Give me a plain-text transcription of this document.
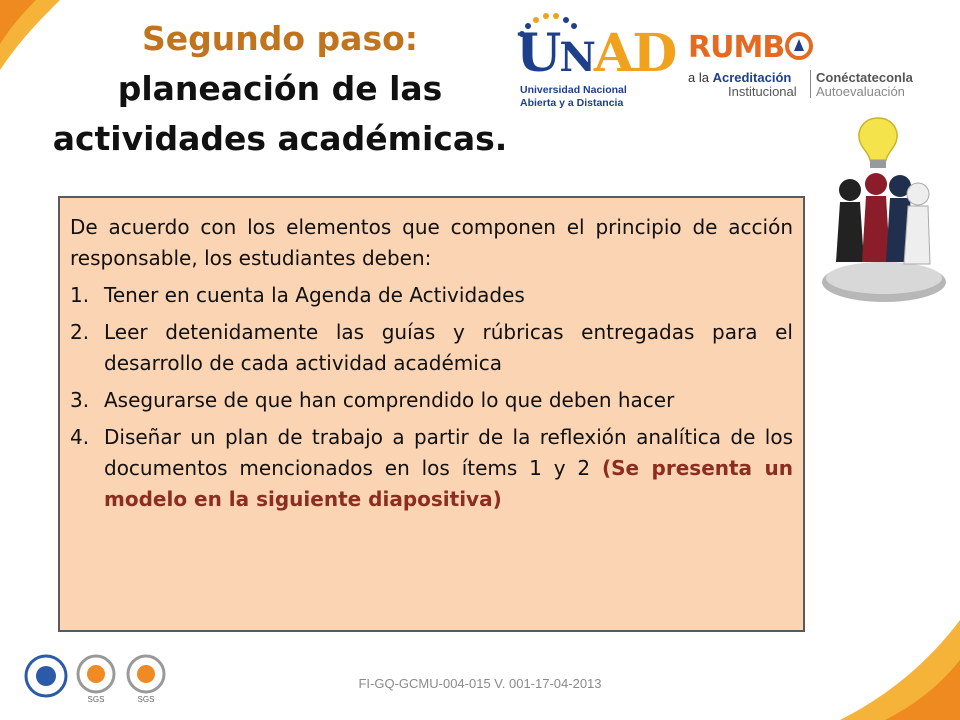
Segundo paso:
planeación de las
actividades académicas.
UNAD
Universidad Nacional
Abierta y a Distancia
RUMB
a la Acreditación
Institucional
Conéctateconla
Autoevaluación

De acuerdo con los elementos que componen el principio de acción responsable, los estudiantes deben:

1. Tener en cuenta la Agenda de Actividades
2. Leer detenidamente las guías y rúbricas entregadas para el desarrollo de cada actividad académica
3. Asegurarse de que han comprendido lo que deben hacer
4. Diseñar un plan de trabajo a partir de la reflexión analítica de los documentos mencionados en los ítems 1 y 2 (Se presenta un modelo en la siguiente diapositiva)
SGS	SGS
FI-GQ-GCMU-004-015 V. 001-17-04-2013
